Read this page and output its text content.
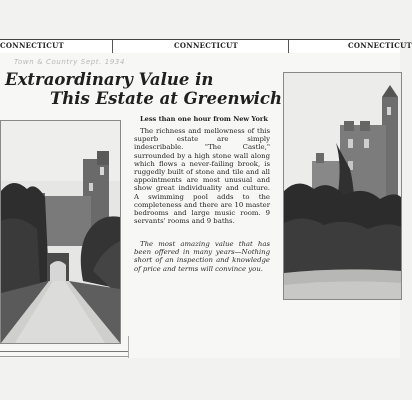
CONNECTICUT	CONNECTICUT	CONNECTICUT
Town & Country Sept. 1934
Extraordinary Value in
This Estate at Greenwich
Less than one hour from New York
The richness and mellowness of this superb estate are simply indescribable. "The Castle," surrounded by a high stone wall along which flows a never-failing brook, is ruggedly built of stone and tile and all appointments are most unusual and show great individuality and culture. A swimming pool adds to the completeness and there are 10 master bedrooms and large music room. 9 servants' rooms and 9 baths.
The most amazing value that has been offered in many years—Nothing short of an inspection and knowledge of price and terms will convince you.
